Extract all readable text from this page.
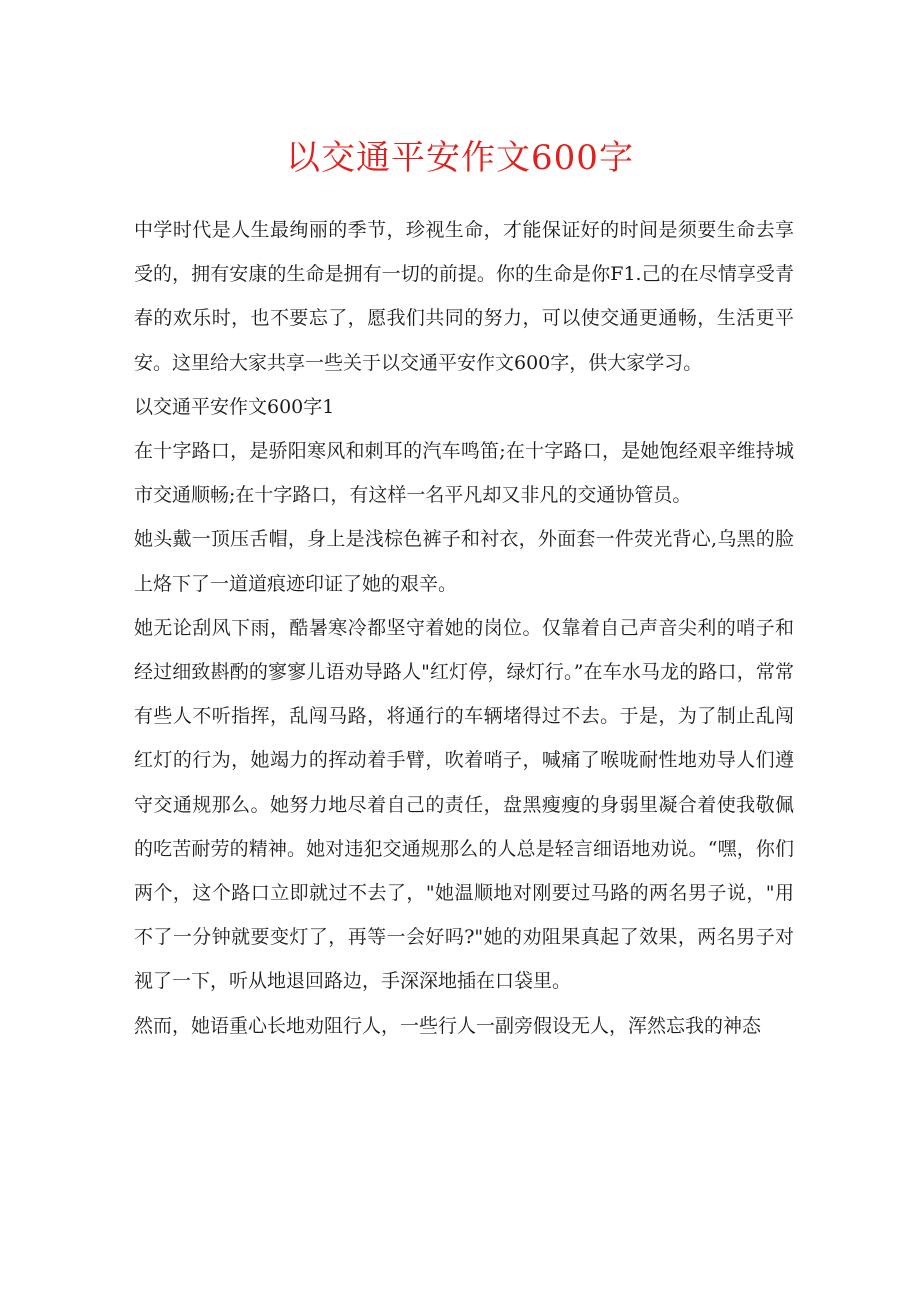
以交通平安作文600字

中学时代是人生最绚丽的季节，珍视生命，才能保证好的时间是须要生命去享受的，拥有安康的生命是拥有一切的前提。你的生命是你F1.己的在尽情享受青春的欢乐时，也不要忘了，愿我们共同的努力，可以使交通更通畅，生活更平安。这里给大家共享一些关于以交通平安作文600字，供大家学习。

以交通平安作文600字1

在十字路口，是骄阳寒风和刺耳的汽车鸣笛;在十字路口，是她饱经艰辛维持城市交通顺畅;在十字路口，有这样一名平凡却又非凡的交通协管员。

她头戴一顶压舌帽，身上是浅棕色裤子和衬衣，外面套一件荧光背心,乌黑的脸上烙下了一道道痕迹印证了她的艰辛。

她无论刮风下雨，酷暑寒冷都坚守着她的岗位。仅靠着自己声音尖利的哨子和经过细致斟酌的寥寥儿语劝导路人"红灯停，绿灯行。”在车水马龙的路口，常常有些人不听指挥，乱闯马路，将通行的车辆堵得过不去。于是，为了制止乱闯红灯的行为，她竭力的挥动着手臂，吹着哨子，喊痛了喉咙耐性地劝导人们遵守交通规那么。她努力地尽着自己的责任，盘黑瘦瘦的身弱里凝合着使我敬佩的吃苦耐劳的精神。她对违犯交通规那么的人总是轻言细语地劝说。“嘿，你们两个，这个路口立即就过不去了，"她温顺地对刚要过马路的两名男子说，"用不了一分钟就要变灯了，再等一会好吗?"她的劝阻果真起了效果，两名男子对视了一下，听从地退回路边，手深深地插在口袋里。

然而，她语重心长地劝阻行人，一些行人一副旁假设无人，浑然忘我的神态
